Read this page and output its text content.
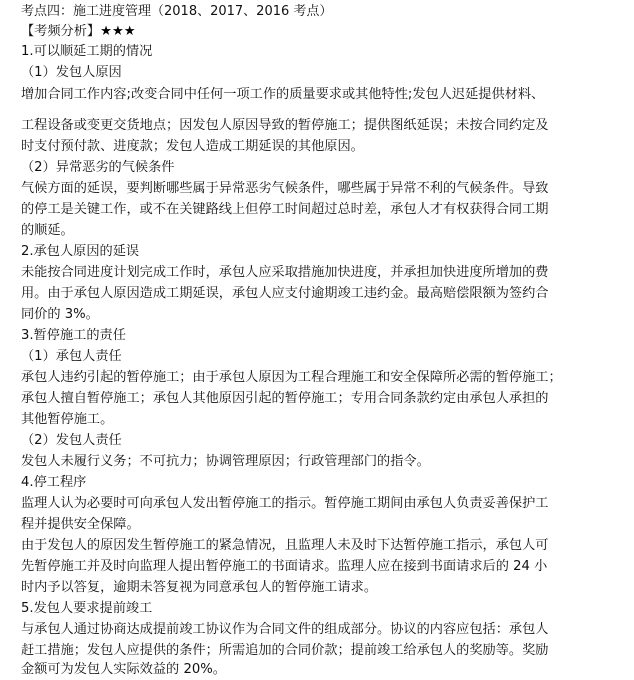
考点四：施工进度管理（2018、2017、2016 考点）
【考频分析】★★★
1.可以顺延工期的情况
（1）发包人原因
增加合同工作内容;改变合同中任何一项工作的质量要求或其他特性;发包人迟延提供材料、
工程设备或变更交货地点；因发包人原因导致的暂停施工；提供图纸延误；未按合同约定及
时支付预付款、进度款；发包人造成工期延误的其他原因。
（2）异常恶劣的气候条件
气候方面的延误，要判断哪些属于异常恶劣气候条件，哪些属于异常不利的气候条件。导致
的停工是关键工作，或不在关键路线上但停工时间超过总时差，承包人才有权获得合同工期
的顺延。
2.承包人原因的延误
未能按合同进度计划完成工作时，承包人应采取措施加快进度，并承担加快进度所增加的费
用。由于承包人原因造成工期延误，承包人应支付逾期竣工违约金。最高赔偿限额为签约合
同价的 3%。
3.暂停施工的责任
（1）承包人责任
承包人违约引起的暂停施工；由于承包人原因为工程合理施工和安全保障所必需的暂停施工；
承包人擅自暂停施工；承包人其他原因引起的暂停施工；专用合同条款约定由承包人承担的
其他暂停施工。
（2）发包人责任
发包人未履行义务；不可抗力；协调管理原因；行政管理部门的指令。
4.停工程序
监理人认为必要时可向承包人发出暂停施工的指示。暂停施工期间由承包人负责妥善保护工
程并提供安全保障。
由于发包人的原因发生暂停施工的紧急情况，且监理人未及时下达暂停施工指示，承包人可
先暂停施工并及时向监理人提出暂停施工的书面请求。监理人应在接到书面请求后的 24 小
时内予以答复，逾期未答复视为同意承包人的暂停施工请求。
5.发包人要求提前竣工
与承包人通过协商达成提前竣工协议作为合同文件的组成部分。协议的内容应包括：承包人
赶工措施；发包人应提供的条件；所需追加的合同价款；提前竣工给承包人的奖励等。奖励
金额可为发包人实际效益的 20%。
